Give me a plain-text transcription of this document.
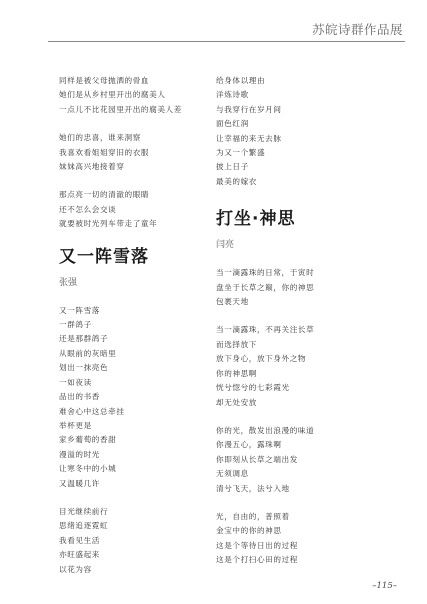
苏皖诗群作品展
同样是被父母抛洒的骨血
她们是从乡村里开出的腐美人
一点儿不比花园里开出的腐美人差
她们的忠喜，谁来洞察
我喜欢看姐姐穿旧的衣服
妹妹高兴地接着穿
那点亮一切的清澈的眼睛
还不怎么会交谈
就要被时光列车带走了童年
又一阵雪落
张强
又一阵雪落
一群鸽子
还是那群鸽子
从眼前的灰暗里
划出一抹亮色
一如夜读
品出的书香
难舍心中这总牵挂
举杯更是
家乡葡萄的香甜
漫溢的时光
让寒冬中的小城
又温暖几许
目光继续前行
思绪追逐霓虹
我看见生活
亦旺盛起来
以花为容
给身体以理由
洋炼诗歌
与我穿行在岁月间
面色红润
让幸福的来无去脉
为又一个繁盛
披上日子
最美的嫁衣
打坐·神思
闫亮
当一滴露珠的日常，于寅时
盘坐于长草之巅，你的神思
包裹天地
当一滴露珠，不再关注长草
而选择放下
放下身心，放下身外之物
你的神思啊
恍兮惚兮的七彩霞光
却无处安放
你的光，散发出浪漫的味道
你漫五心，露珠啊
你即刻从长草之端出发
无须调息
清兮飞天，法兮入地
光，自由的，普照着
金宝中的你的神思
这是个等待日出的过程
这是个打扫心田的过程
–115–
